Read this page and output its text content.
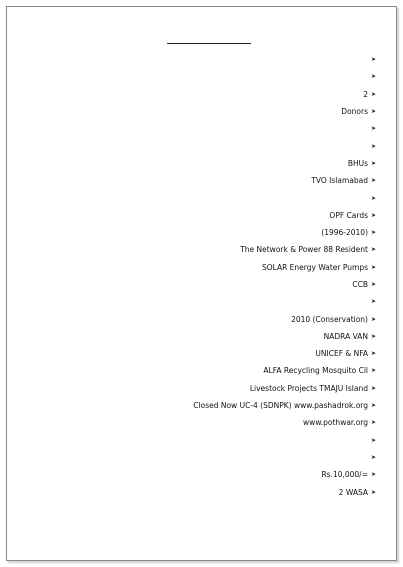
➤
➤
➤
2
➤
Donors
➤
➤
➤
BHUs
➤
TVO Islamabad
➤
➤
OPF Cards
➤
(1996-2010)
➤
The Network & Power 88 Resident
➤
SOLAR Energy Water Pumps
➤
CCB
➤
➤
2010 (Conservation)
➤
NADRA VAN
➤
UNICEF & NFA
➤
ALFA Recycling Mosquito Cil
➤
Livestock Projects TMAJU Island
➤
Closed Now UC-4 (SDNPK) www.pashadrok.org
➤
www.pothwar.org
➤
➤
➤
Rs.10,000/=
➤
2 WASA
